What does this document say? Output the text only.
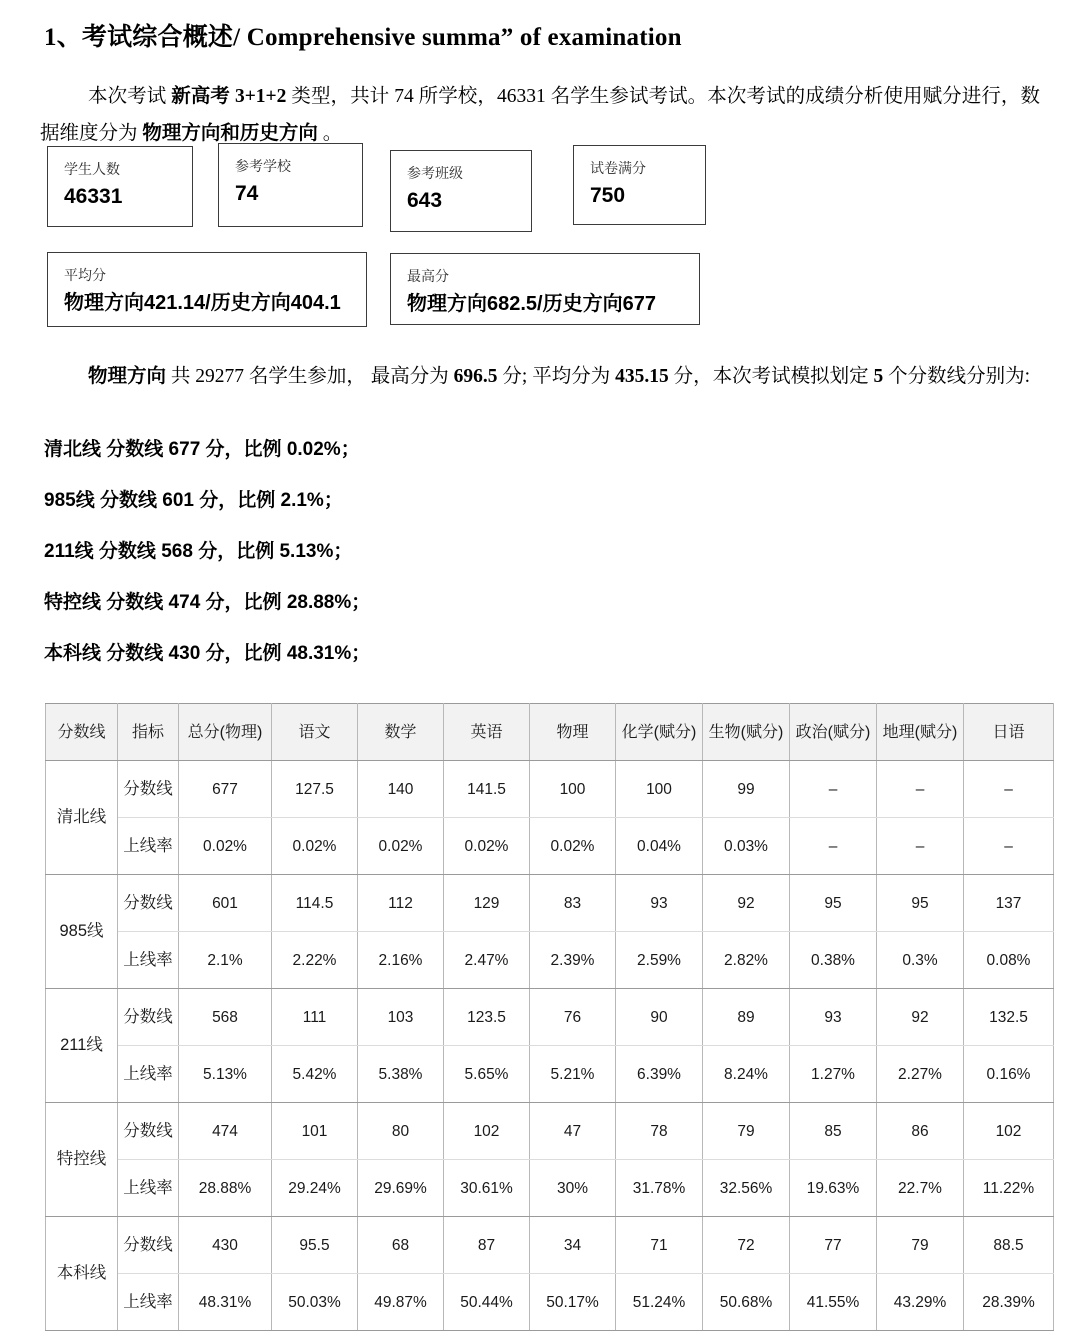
1、考试综合概述/ Comprehensive summa” of examination

本次考试 新高考 3+1+2 类型，共计 74 所学校，46331 名学生参试考试。本次考试的成绩分析使用赋分进行，数据维度分为 物理方向和历史方向 。

学生人数
46331
参考学校
74
参考班级
643
试卷满分
750
平均分
物理方向421.14/历史方向404.1
最高分
物理方向682.5/历史方向677

物理方向 共 29277 名学生参加， 最高分为 696.5 分; 平均分为 435.15 分，本次考试模拟划定 5 个分数线分别为:

清北线 分数线 677 分，比例 0.02%；
985线 分数线 601 分，比例 2.1%；
211线 分数线 568 分，比例 5.13%；
特控线 分数线 474 分，比例 28.88%；
本科线 分数线 430 分，比例 48.31%；
分数线	指标	总分(物理)	语文	数学	英语	物理	化学(赋分)	生物(赋分)	政治(赋分)	地理(赋分)	日语
清北线	分数线	677	127.5	140	141.5	100	100	99	–	–	–
	上线率	0.02%	0.02%	0.02%	0.02%	0.02%	0.04%	0.03%	–	–	–
985线	分数线	601	114.5	112	129	83	93	92	95	95	137
	上线率	2.1%	2.22%	2.16%	2.47%	2.39%	2.59%	2.82%	0.38%	0.3%	0.08%
211线	分数线	568	111	103	123.5	76	90	89	93	92	132.5
	上线率	5.13%	5.42%	5.38%	5.65%	5.21%	6.39%	8.24%	1.27%	2.27%	0.16%
特控线	分数线	474	101	80	102	47	78	79	85	86	102
	上线率	28.88%	29.24%	29.69%	30.61%	30%	31.78%	32.56%	19.63%	22.7%	11.22%
本科线	分数线	430	95.5	68	87	34	71	72	77	79	88.5
	上线率	48.31%	50.03%	49.87%	50.44%	50.17%	51.24%	50.68%	41.55%	43.29%	28.39%
